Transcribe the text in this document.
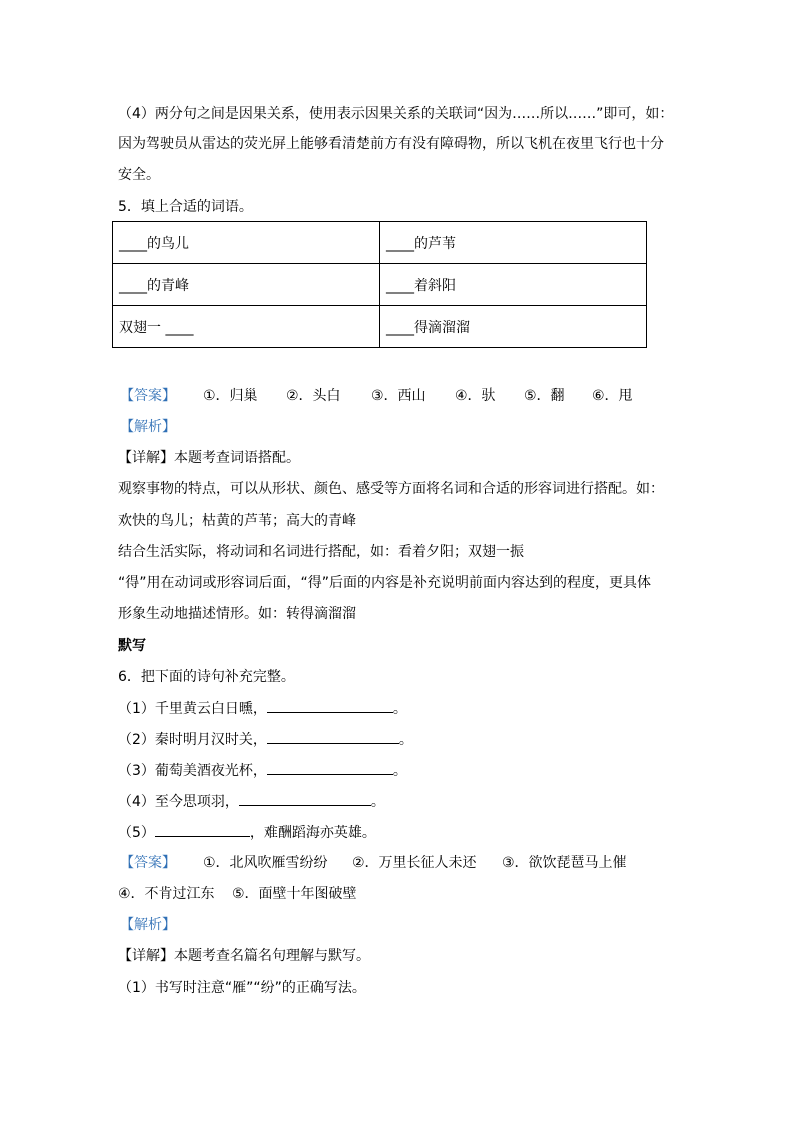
（4）两分句之间是因果关系，使用表示因果关系的关联词“因为……所以……”即可，如：
因为驾驶员从雷达的荧光屏上能够看清楚前方有没有障碍物，所以飞机在夜里飞行也十分
安全。
5．填上合适的词语。
____的鸟儿	____的芦苇
____的青峰	____着斜阳
双翅一 ____	____得滴溜溜
【答案】 ①．归巢 ②．头白 ③．西山 ④．驮 ⑤．翻 ⑥．甩
【解析】
【详解】本题考查词语搭配。
观察事物的特点，可以从形状、颜色、感受等方面将名词和合适的形容词进行搭配。如：
欢快的鸟儿；枯黄的芦苇；高大的青峰
结合生活实际，将动词和名词进行搭配，如：看着夕阳；双翅一振
“得”用在动词或形容词后面，“得”后面的内容是补充说明前面内容达到的程度，更具体
形象生动地描述情形。如：转得滴溜溜
默写
6．把下面的诗句补充完整。
（1）千里黄云白日曛，	。
（2）秦时明月汉时关，	。
（3）葡萄美酒夜光杯，	。
（4）至今思项羽，	。
（5）	，难酬蹈海亦英雄。
【答案】 ①．北风吹雁雪纷纷 ②．万里长征人未还 ③．欲饮琵琶马上催
④．不肯过江东 ⑤．面壁十年图破壁
【解析】
【详解】本题考查名篇名句理解与默写。
（1）书写时注意“雁”“纷”的正确写法。
